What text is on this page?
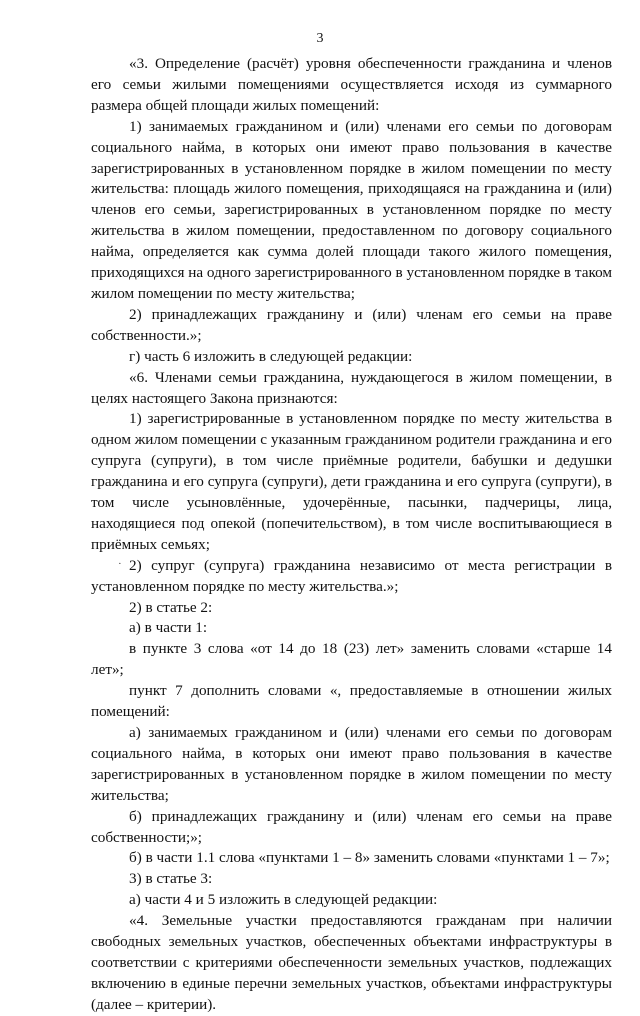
3
·

«3. Определение (расчёт) уровня обеспеченности гражданина и членов его семьи жилыми помещениями осуществляется исходя из суммарного размера общей площади жилых помещений:

1) занимаемых гражданином и (или) членами его семьи по договорам социального найма, в которых они имеют право пользования в качестве зарегистрированных в установленном порядке в жилом помещении по месту жительства: площадь жилого помещения, приходящаяся на гражданина и (или) членов его семьи, зарегистрированных в установленном порядке по месту жительства в жилом помещении, предоставленном по договору социального найма, определяется как сумма долей площади такого жилого помещения, приходящихся на одного зарегистрированного в установленном порядке в таком жилом помещении по месту жительства;

2) принадлежащих гражданину и (или) членам его семьи на праве собственности.»;

г) часть 6 изложить в следующей редакции:

«6. Членами семьи гражданина, нуждающегося в жилом помещении, в целях настоящего Закона признаются:

1) зарегистрированные в установленном порядке по месту жительства в одном жилом помещении с указанным гражданином родители гражданина и его супруга (супруги), в том числе приёмные родители, бабушки и дедушки гражданина и его супруга (супруги), дети гражданина и его супруга (супруги), в том числе усыновлённые, удочерённые, пасынки, падчерицы, лица, находящиеся под опекой (попечительством), в том числе воспитывающиеся в приёмных семьях;

2) супруг (супруга) гражданина независимо от места регистрации в установленном порядке по месту жительства.»;

2) в статье 2:

а) в части 1:

в пункте 3 слова «от 14 до 18 (23) лет» заменить словами «старше 14 лет»;

пункт 7 дополнить словами «, предоставляемые в отношении жилых помещений:

а) занимаемых гражданином и (или) членами его семьи по договорам социального найма, в которых они имеют право пользования в качестве зарегистрированных в установленном порядке в жилом помещении по месту жительства;

б) принадлежащих гражданину и (или) членам его семьи на праве собственности;»;

б) в части 1.1 слова «пунктами 1 – 8» заменить словами «пунктами 1 – 7»;

3) в статье 3:

а) части 4 и 5 изложить в следующей редакции:

«4. Земельные участки предоставляются гражданам при наличии свободных земельных участков, обеспеченных объектами инфраструктуры в соответствии с критериями обеспеченности земельных участков, подлежащих включению в единые перечни земельных участков, объектами инфраструктуры (далее – критерии).
